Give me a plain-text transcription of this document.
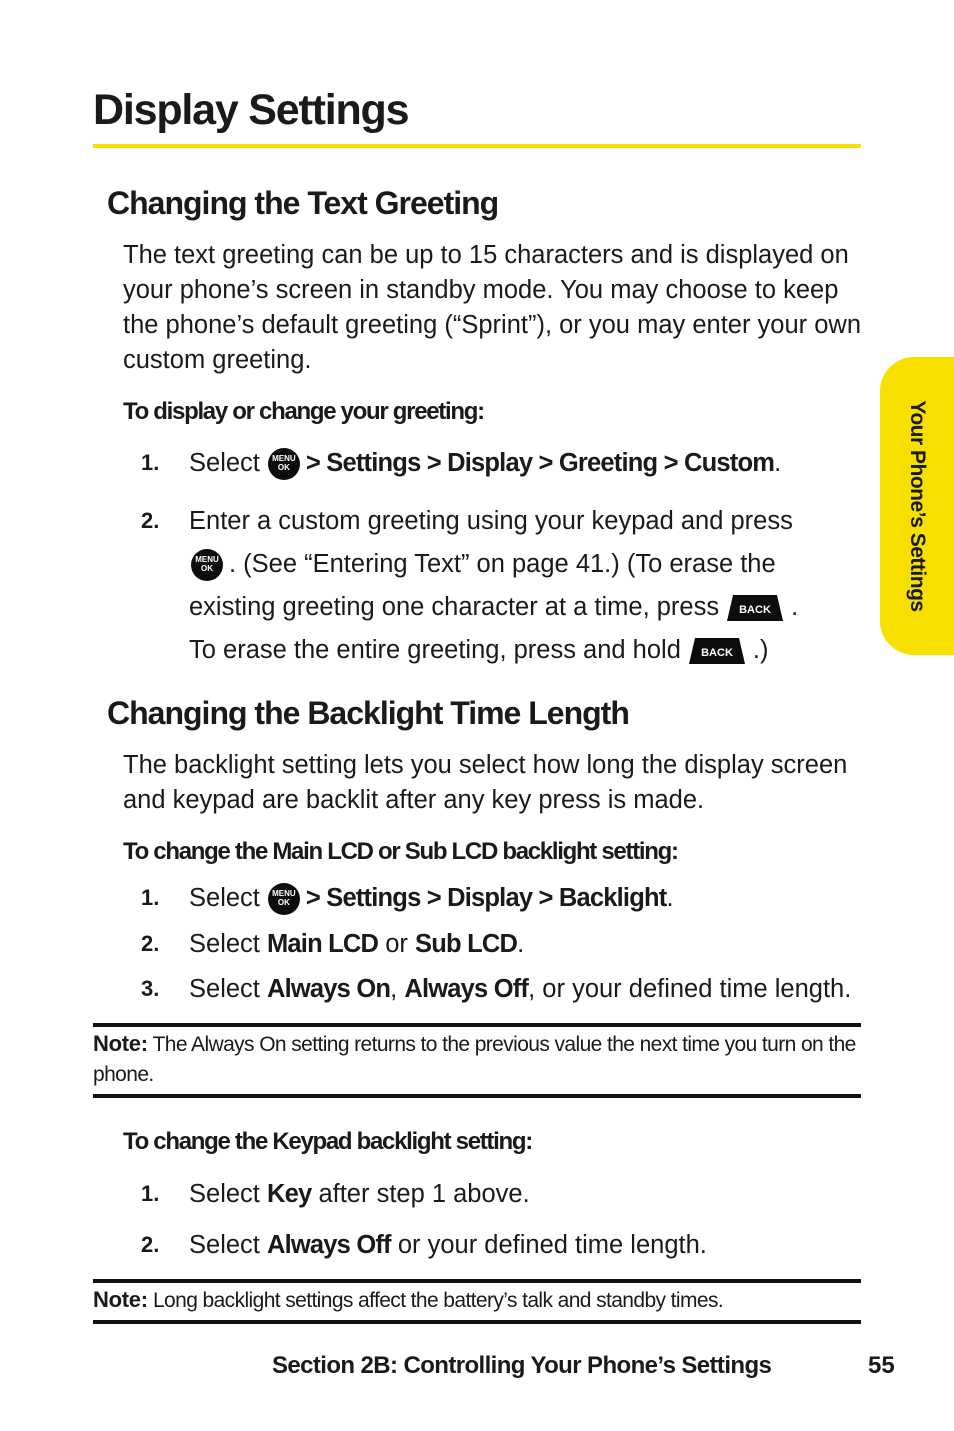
Display Settings
Your Phone’s Settings
Changing the Text Greeting

The text greeting can be up to 15 characters and is displayed on your phone’s screen in standby mode. You may choose to keep the phone’s default greeting (“Sprint”), or you may enter your own custom greeting.

To display or change your greeting:
1.	Select	MENU
OK > Settings > Display > Greeting > Custom.
2.	Enter a custom greeting using your keypad and press
MENU
OK . (See “Entering Text” on page 41.) (To erase the
existing greeting one character at a time, press BACK .
To erase the entire greeting, press and hold BACK .)
Changing the Backlight Time Length

The backlight setting lets you select how long the display screen and keypad are backlit after any key press is made.

To change the Main LCD or Sub LCD backlight setting:
1.	Select	MENU
OK > Settings > Display > Backlight.
2.	Select Main LCD or Sub LCD.
3.	Select Always On, Always Off, or your defined time length.
Note: The Always On setting returns to the previous value the next time you turn on the phone.
To change the Keypad backlight setting:
1.	Select Key after step 1 above.
2.	Select Always Off or your defined time length.
Note: Long backlight settings affect the battery’s talk and standby times.
Section 2B: Controlling Your Phone’s Settings	55
